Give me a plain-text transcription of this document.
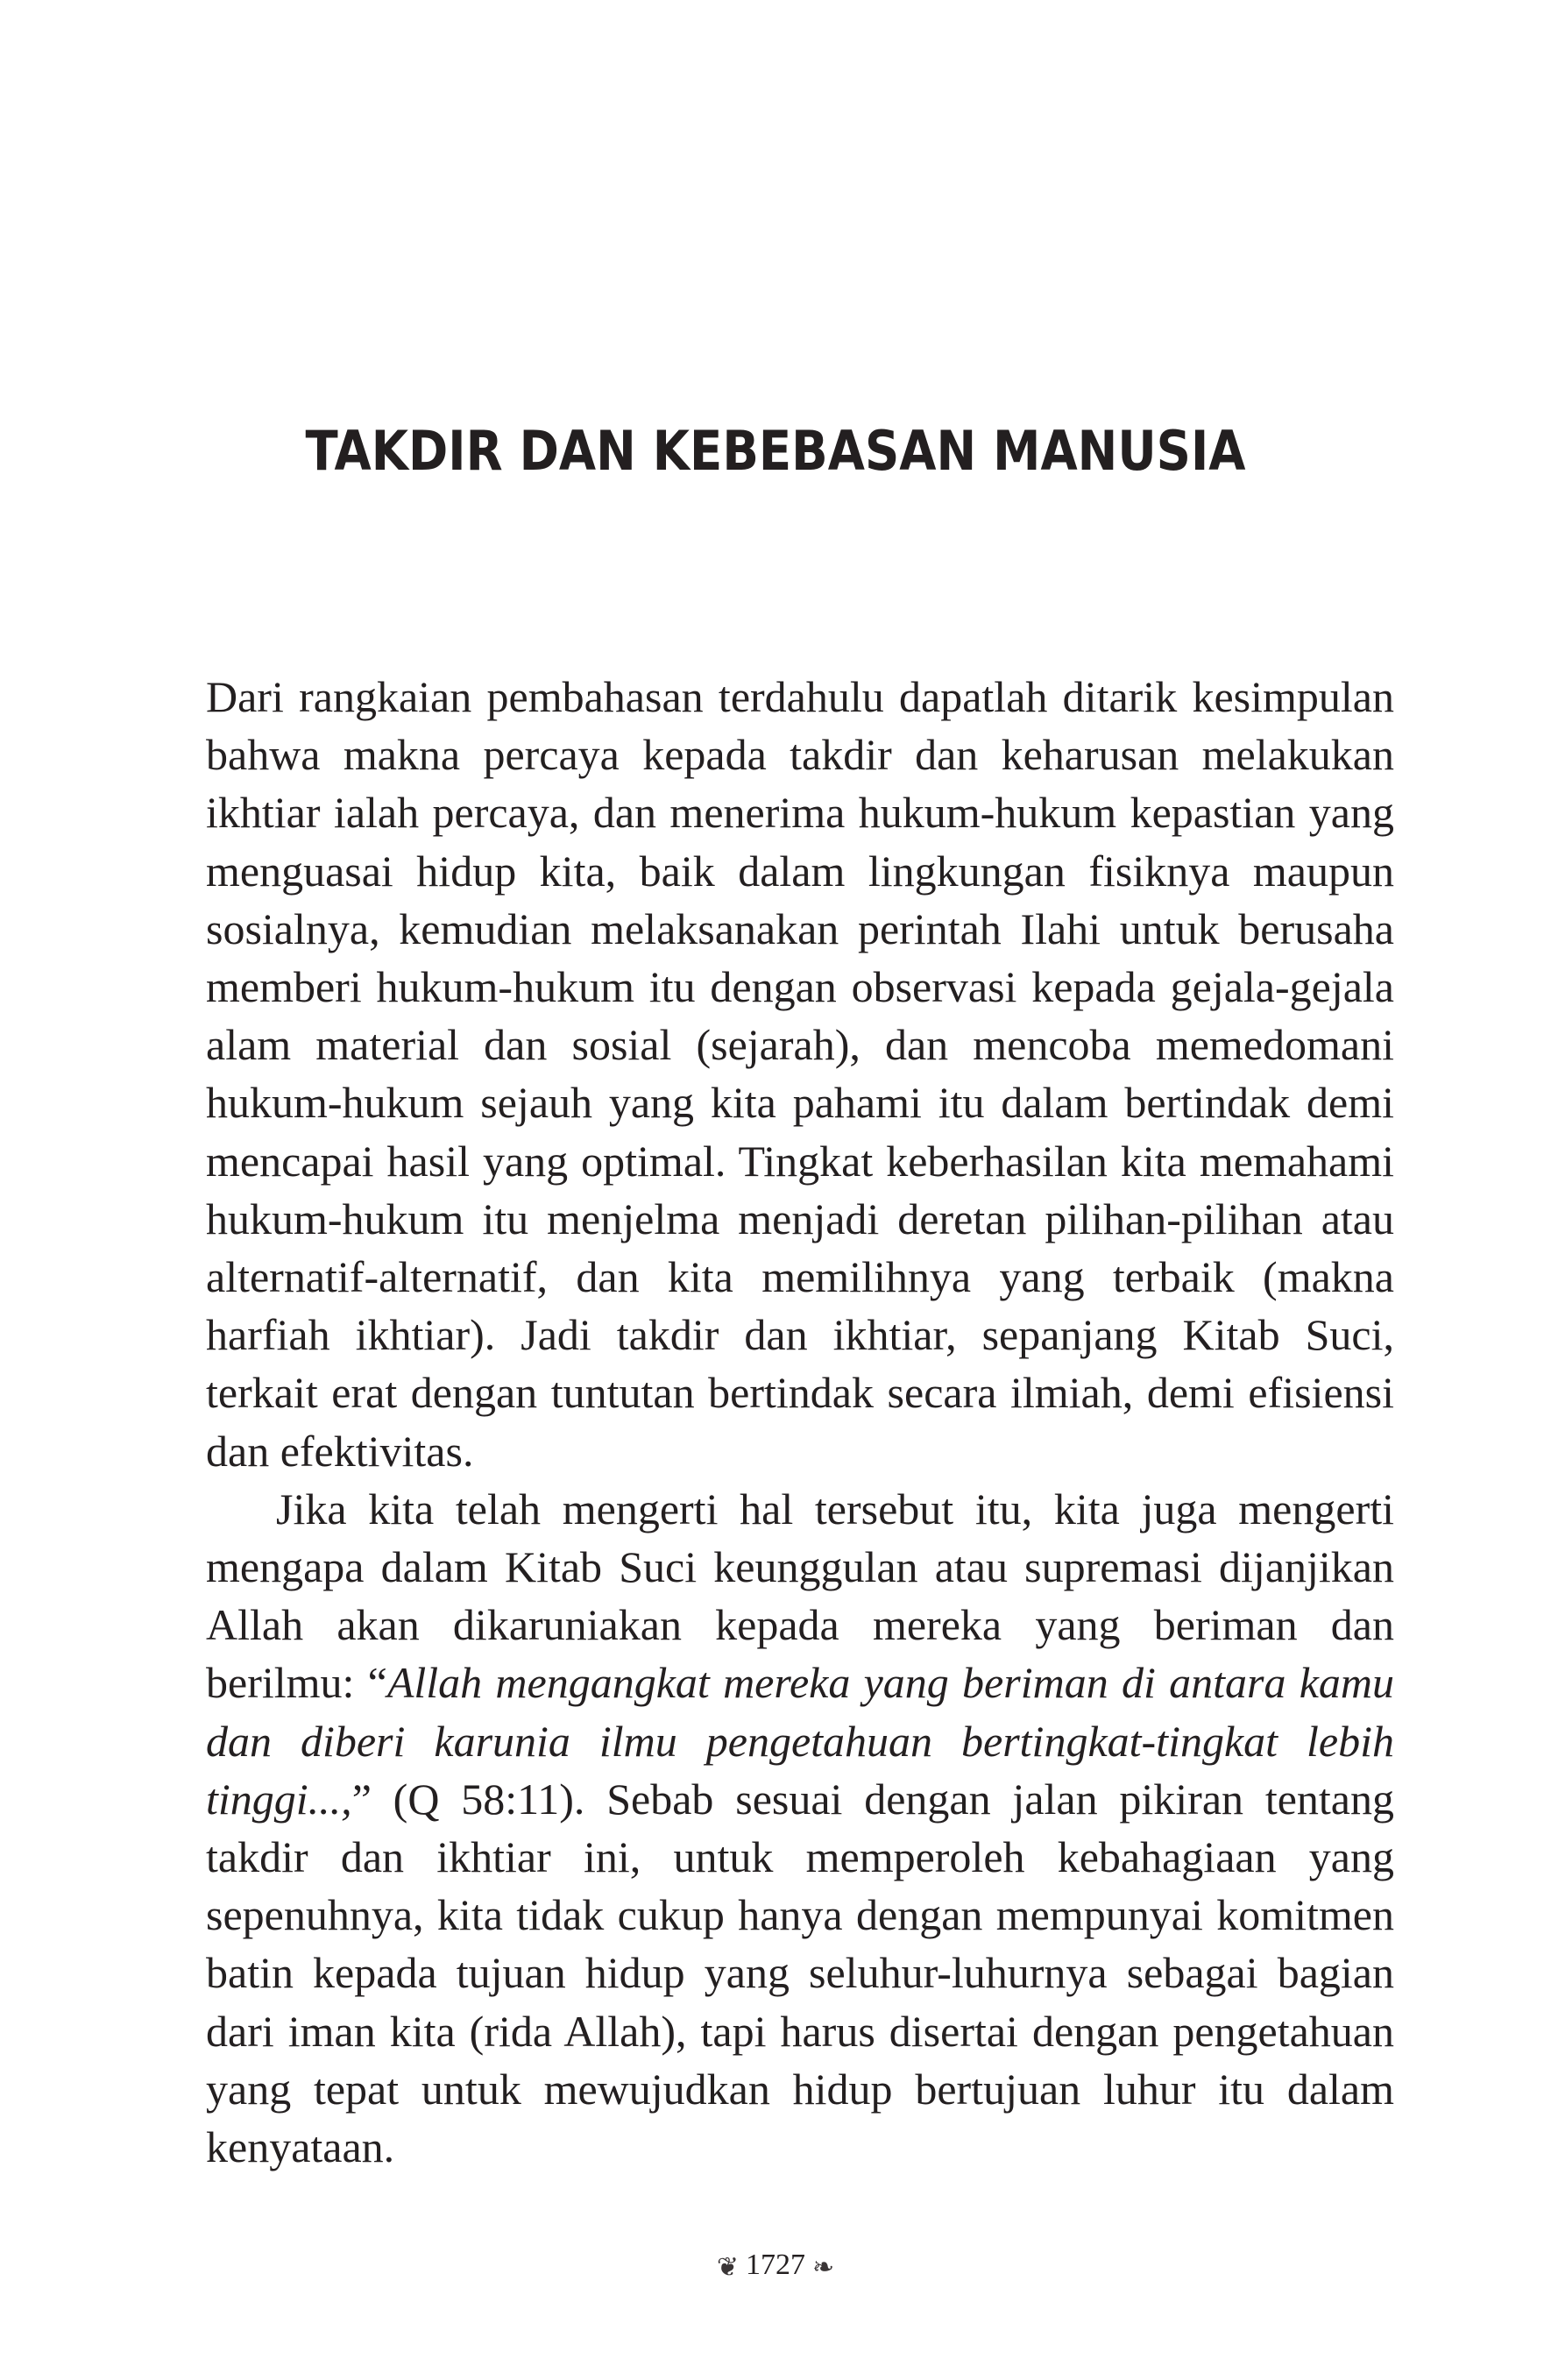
TAKDIR DAN KEBEBASAN MANUSIA

Dari rangkaian pembahasan terdahulu dapatlah ditarik kesimpulan bahwa makna percaya kepada takdir dan keharusan melakukan ikhtiar ialah percaya, dan menerima hukum-hukum kepastian yang menguasai hidup kita, baik dalam lingkungan fisiknya maupun sosialnya, kemudian melaksanakan perintah Ilahi untuk berusaha memberi hukum-hukum itu dengan observasi kepada gejala-gejala alam material dan sosial (sejarah), dan mencoba memedomani hukum-hukum sejauh yang kita pahami itu dalam bertindak demi mencapai hasil yang optimal. Tingkat keberhasilan kita memahami hukum-hukum itu menjelma menjadi deretan pilihan-pilihan atau alternatif-alternatif, dan kita memilihnya yang terbaik (makna harfiah ikhtiar). Jadi takdir dan ikhtiar, sepanjang Kitab Suci, terkait erat dengan tuntutan bertindak secara ilmiah, demi efisiensi dan efektivitas.

Jika kita telah mengerti hal tersebut itu, kita juga mengerti mengapa dalam Kitab Suci keunggulan atau supremasi dijanjikan Allah akan dikaruniakan kepada mereka yang beriman dan berilmu: “Allah mengangkat mereka yang beriman di antara kamu dan diberi karunia ilmu pengetahuan bertingkat-tingkat lebih tinggi...,” (Q 58:11). Sebab sesuai dengan jalan pikiran tentang takdir dan ikhtiar ini, untuk memperoleh kebahagiaan yang sepenuhnya, kita tidak cukup hanya dengan mempunyai komitmen batin kepada tujuan hidup yang seluhur-luhurnya sebagai bagian dari iman kita (rida Allah), tapi harus disertai dengan pengetahuan yang tepat untuk mewujudkan hidup bertujuan luhur itu dalam kenyataan.

❦ 1727 ❧
